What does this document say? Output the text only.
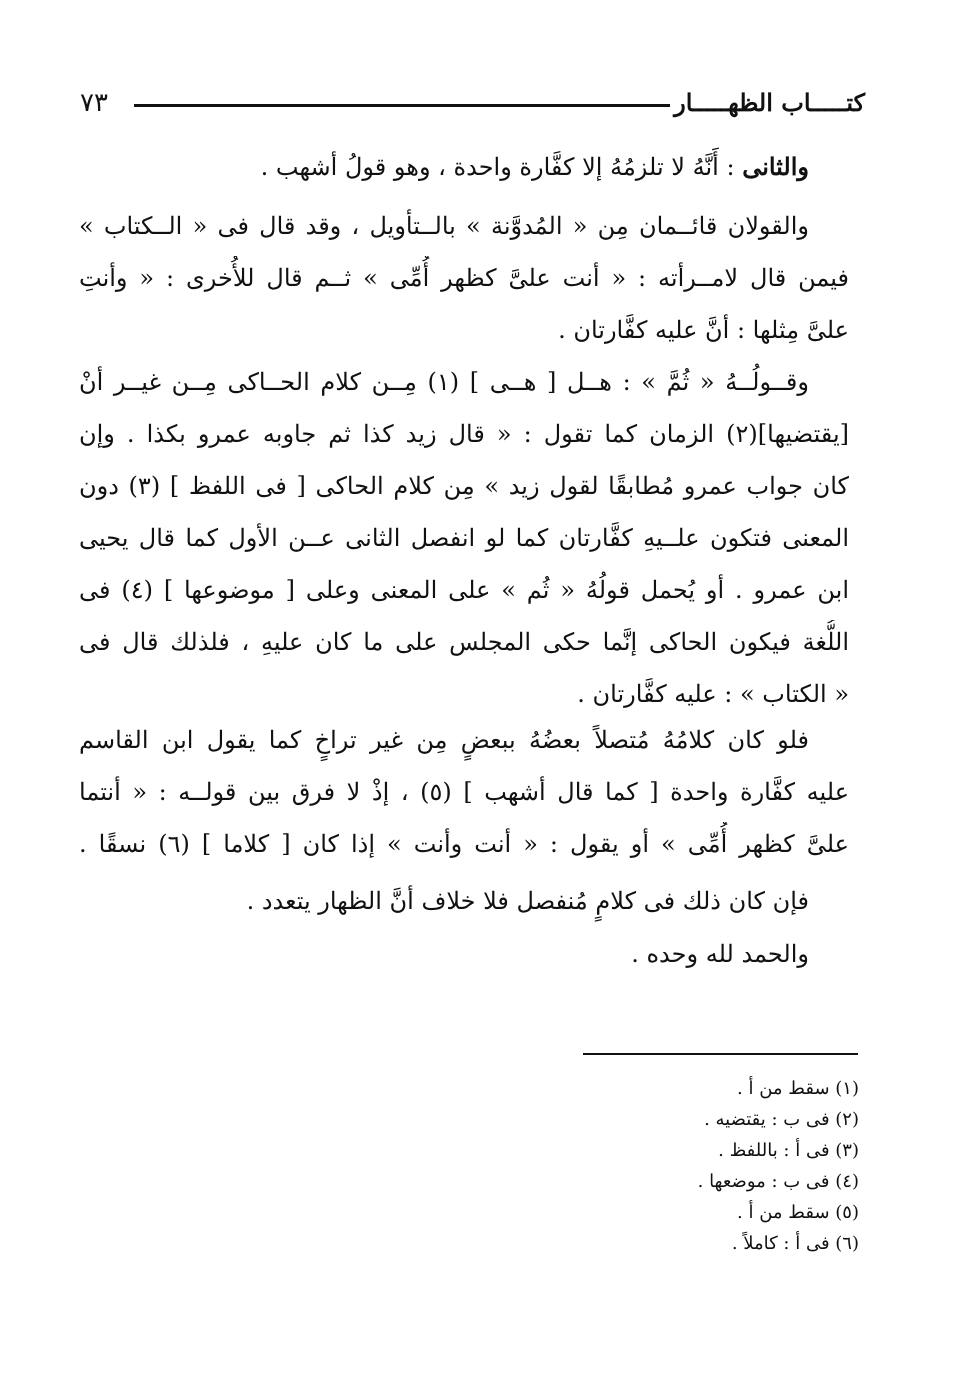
٧٣	كتـــــاب الظهـــــار
والثانى : أَنَّهُ لا تلزمُهُ إلا كفَّارة واحدة ، وهو قولُ أشهب .
والقولان قائــمان مِن « المُدوَّنة » بالــتأويل ، وقد قال فى « الــكتاب »
فيمن قال لامــرأته : « أنت علىَّ كظهر أُمِّى » ثــم قال للأُخرى : « وأنتِ
علىَّ مِثلها : أنَّ عليه كفَّارتان .
وقــولُــهُ « ثُمَّ » : هــل [ هــى ] (١) مِــن كلام الحــاكى مِــن غيــر أنْ
[يقتضيها](٢) الزمان كما تقول : « قال زيد كذا ثم جاوبه عمرو بكذا . وإن
كان جواب عمرو مُطابقًا لقول زيد » مِن كلام الحاكى [ فى اللفظ ] (٣) دون
المعنى فتكون علــيهِ كفَّارتان كما لو انفصل الثانى عــن الأول كما قال يحيى
ابن عمرو . أو يُحمل قولُهُ « ثُم » على المعنى وعلى [ موضوعها ] (٤) فى
اللُّغة فيكون الحاكى إنَّما حكى المجلس على ما كان عليهِ ، فلذلك قال فى
« الكتاب » : عليه كفَّارتان .
فلو كان كلامُهُ مُتصلاً بعضُهُ ببعضٍ مِن غير تراخٍ كما يقول ابن القاسم
عليه كفَّارة واحدة [ كما قال أشهب ] (٥) ، إذْ لا فرق بين قولــه : « أنتما
علىَّ كظهر أُمِّى » أو يقول : « أنت وأنت » إذا كان [ كلاما ] (٦) نسقًا .
فإن كان ذلك فى كلامٍ مُنفصل فلا خلاف أنَّ الظهار يتعدد .
والحمد لله وحده .
(١) سقط من أ .
(٢) فى ب : يقتضيه .
(٣) فى أ : باللفظ .
(٤) فى ب : موضعها .
(٥) سقط من أ .
(٦) فى أ : كاملاً .
